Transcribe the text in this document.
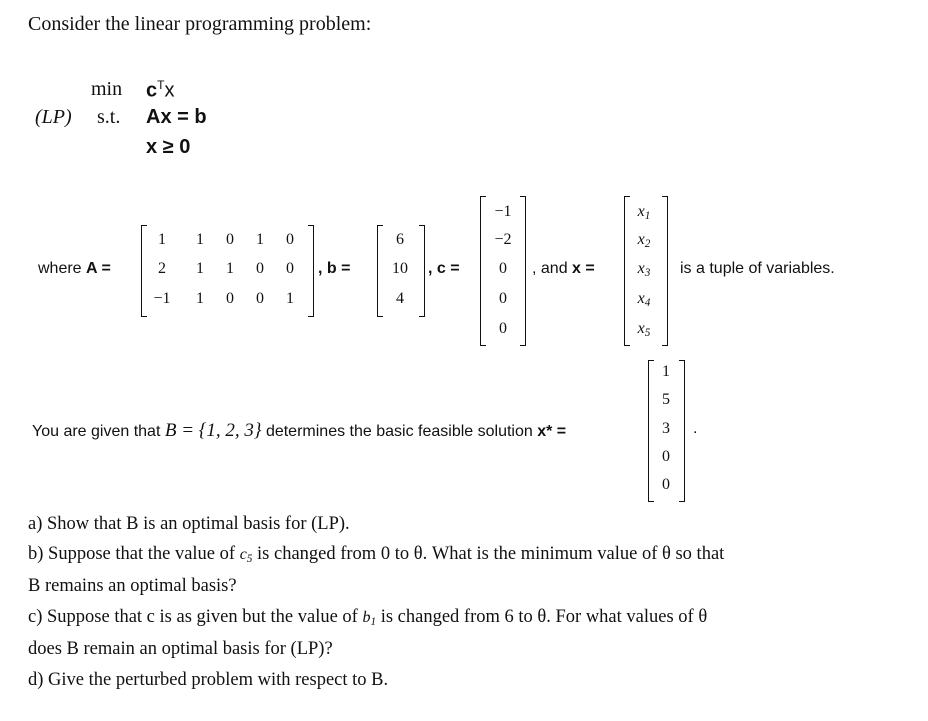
Consider the linear programming problem:
(LP)
min
s.t.
$c^Tx$
Ax = b
x ≥ 0
where A =
1	1	0	1	0
2	1	1	0	0
−1	1	0	0	1
, b =
6
10
4
, c =
−1
−2
0
0
0
, and x =
$x_1$
$x_2$
$x_3$
$x_4$
$x_5$
is a tuple of variables.
You are given that B = {1, 2, 3} determines the basic feasible solution x* =
1
5
3
0
0
.
a) Show that B is an optimal basis for (LP).
b) Suppose that the value of $c_5$ is changed from 0 to θ. What is the minimum value of θ so that
B remains an optimal basis?
c) Suppose that c is as given but the value of $b_1$ is changed from 6 to θ. For what values of θ
does B remain an optimal basis for (LP)?
d) Give the perturbed problem with respect to B.
